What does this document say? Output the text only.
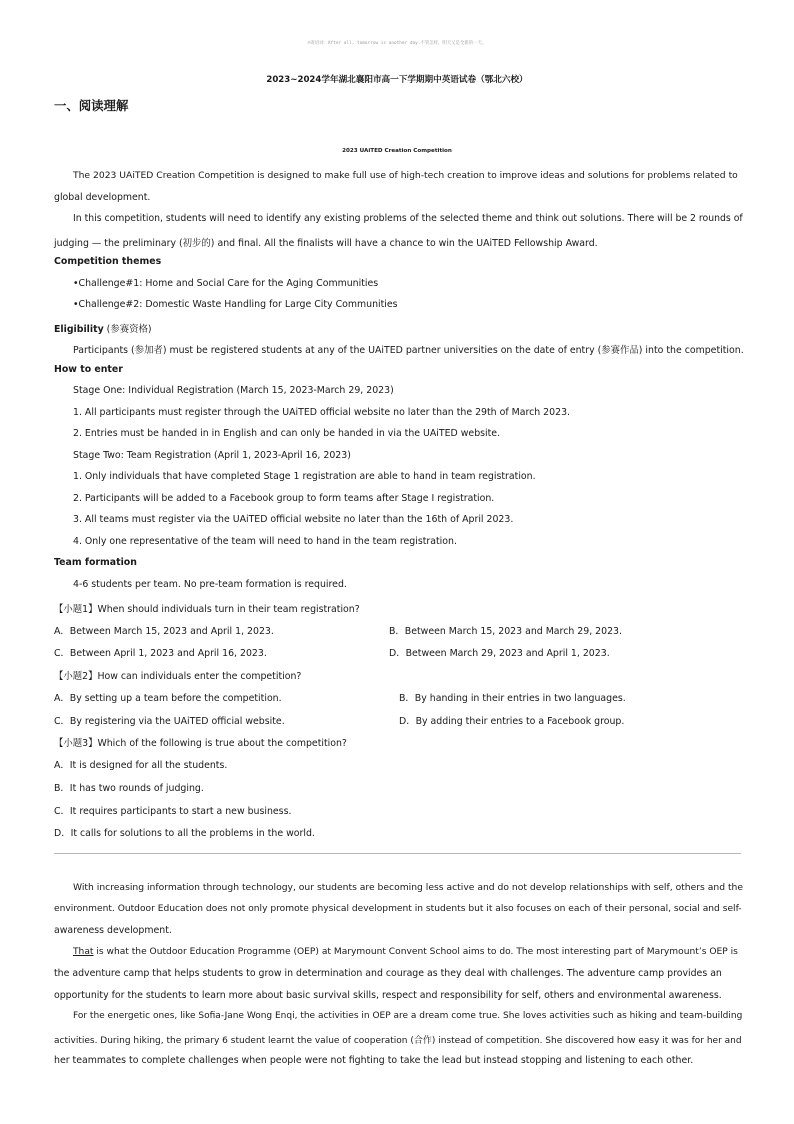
☺寄语词：After all, tomorrow is another day.不管怎样，明天又是全新的一天。
2023~2024学年湖北襄阳市高一下学期期中英语试卷（鄂北六校）
一、阅读理解
2023 UAiTED Creation Competition
The 2023 UAiTED Creation Competition is designed to make full use of high-tech creation to improve ideas and solutions for problems related to
global development.
In this competition, students will need to identify any existing problems of the selected theme and think out solutions. There will be 2 rounds of
judging — the preliminary (初步的) and final. All the finalists will have a chance to win the UAiTED Fellowship Award.
Competition themes
•Challenge#1: Home and Social Care for the Aging Communities
•Challenge#2: Domestic Waste Handling for Large City Communities
Eligibility (参赛资格)
Participants (参加者) must be registered students at any of the UAiTED partner universities on the date of entry (参赛作品) into the competition.
How to enter
Stage One: Individual Registration (March 15, 2023-March 29, 2023)
1. All participants must register through the UAiTED official website no later than the 29th of March 2023.
2. Entries must be handed in in English and can only be handed in via the UAiTED website.
Stage Two: Team Registration (April 1, 2023-April 16, 2023)
1. Only individuals that have completed Stage 1 registration are able to hand in team registration.
2. Participants will be added to a Facebook group to form teams after Stage I registration.
3. All teams must register via the UAiTED official website no later than the 16th of April 2023.
4. Only one representative of the team will need to hand in the team registration.
Team formation
4-6 students per team. No pre-team formation is required.
【小题1】When should individuals turn in their team registration?
A．Between March 15, 2023 and April 1, 2023.	B．Between March 15, 2023 and March 29, 2023.
C．Between April 1, 2023 and April 16, 2023.	D．Between March 29, 2023 and April 1, 2023.
【小题2】How can individuals enter the competition?
A．By setting up a team before the competition.	B．By handing in their entries in two languages.
C．By registering via the UAiTED official website.	D．By adding their entries to a Facebook group.
【小题3】Which of the following is true about the competition?
A．It is designed for all the students.
B．It has two rounds of judging.
C．It requires participants to start a new business.
D．It calls for solutions to all the problems in the world.
With increasing information through technology, our students are becoming less active and do not develop relationships with self, others and the
environment. Outdoor Education does not only promote physical development in students but it also focuses on each of their personal, social and self-
awareness development.
That is what the Outdoor Education Programme (OEP) at Marymount Convent School aims to do. The most interesting part of Marymount’s OEP is
the adventure camp that helps students to grow in determination and courage as they deal with challenges. The adventure camp provides an
opportunity for the students to learn more about basic survival skills, respect and responsibility for self, others and environmental awareness.
For the energetic ones, like Sofia-Jane Wong Enqi, the activities in OEP are a dream come true. She loves activities such as hiking and team-building
activities. During hiking, the primary 6 student learnt the value of cooperation (合作) instead of competition. She discovered how easy it was for her and
her teammates to complete challenges when people were not fighting to take the lead but instead stopping and listening to each other.
